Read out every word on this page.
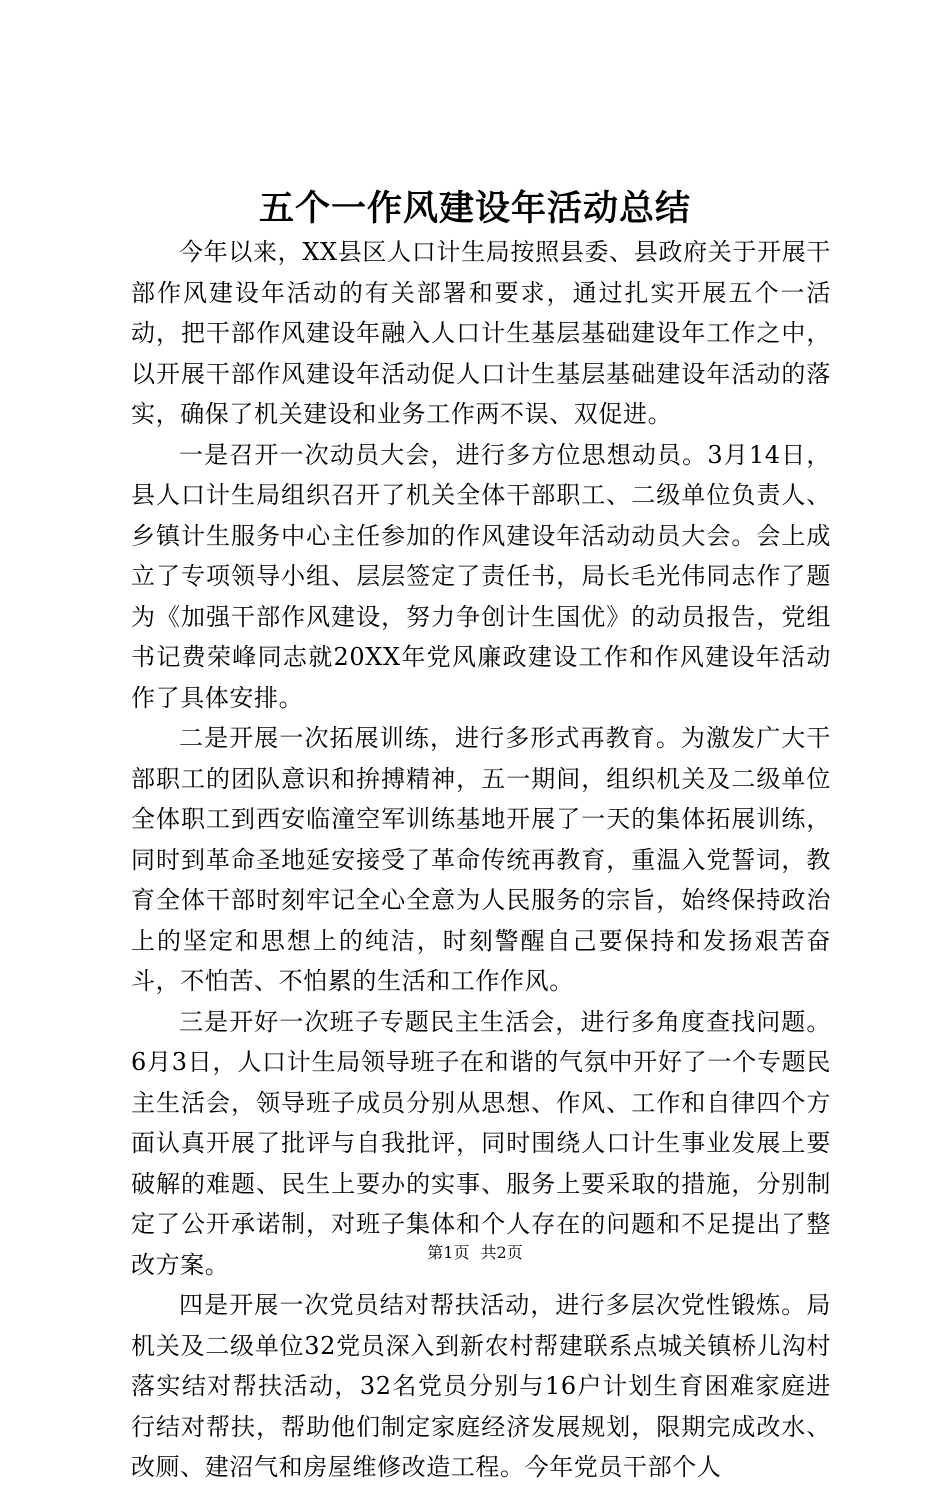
五个一作风建设年活动总结

今年以来，XX县区人口计生局按照县委、县政府关于开展干部作风建设年活动的有关部署和要求，通过扎实开展五个一活动，把干部作风建设年融入人口计生基层基础建设年工作之中，以开展干部作风建设年活动促人口计生基层基础建设年活动的落实，确保了机关建设和业务工作两不误、双促进。

一是召开一次动员大会，进行多方位思想动员。3月14日，县人口计生局组织召开了机关全体干部职工、二级单位负责人、乡镇计生服务中心主任参加的作风建设年活动动员大会。会上成立了专项领导小组、层层签定了责任书，局长毛光伟同志作了题为《加强干部作风建设，努力争创计生国优》的动员报告，党组书记费荣峰同志就20XX年党风廉政建设工作和作风建设年活动作了具体安排。

二是开展一次拓展训练，进行多形式再教育。为激发广大干部职工的团队意识和拚搏精神，五一期间，组织机关及二级单位全体职工到西安临潼空军训练基地开展了一天的集体拓展训练，同时到革命圣地延安接受了革命传统再教育，重温入党誓词，教育全体干部时刻牢记全心全意为人民服务的宗旨，始终保持政治上的坚定和思想上的纯洁，时刻警醒自己要保持和发扬艰苦奋斗，不怕苦、不怕累的生活和工作作风。

三是开好一次班子专题民主生活会，进行多角度查找问题。6月3日，人口计生局领导班子在和谐的气氛中开好了一个专题民主生活会，领导班子成员分别从思想、作风、工作和自律四个方面认真开展了批评与自我批评，同时围绕人口计生事业发展上要破解的难题、民生上要办的实事、服务上要采取的措施，分别制定了公开承诺制，对班子集体和个人存在的问题和不足提出了整改方案。

四是开展一次党员结对帮扶活动，进行多层次党性锻炼。局机关及二级单位32党员深入到新农村帮建联系点城关镇桥儿沟村落实结对帮扶活动，32名党员分别与16户计划生育困难家庭进行结对帮扶，帮助他们制定家庭经济发展规划，限期完成改水、改厕、建沼气和房屋维修改造工程。今年党员干部个人

第1页 共2页
